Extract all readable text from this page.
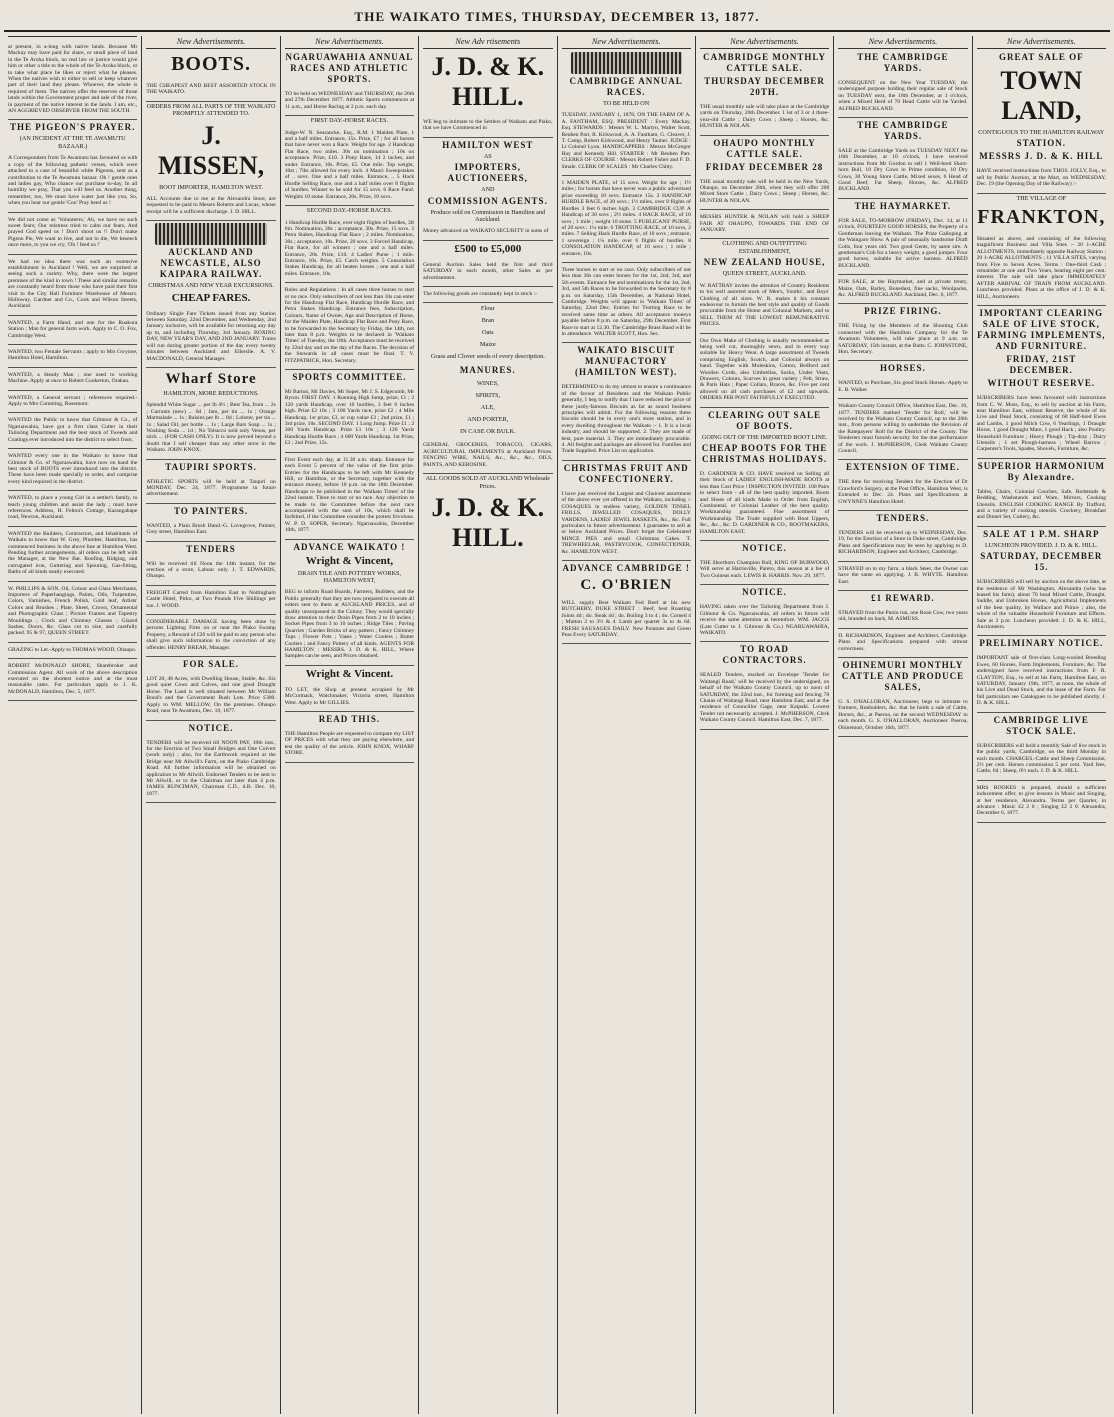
THE WAIKATO TIMES, THURSDAY, DECEMBER 13, 1877.

at present, in a-long with native lands. Because Mr Mackay may have paid for share, or small piece of land in the Te Aroha block, no real law or justice would give him or other a title to the whole of the Te Aroha block, or to take what place he likes or reject what he pleases. When the natives wish to either to sell or keep whatever part of their land they please. Whoever, the whole is required of them. The natives offer the reserves of those lands within the Government proper and sale of the river, in payment of the native interest in the lands. I am, etc., AN AGGRIEVED OBSERVER FROM THE SOUTH.

THE PIGEON'S PRAYER.
(AN INCIDENT AT THE TE AWAMUTU BAZAAR.)

A Correspondent from Te Awamutu has favoured us with a copy of the following pathetic verses, which were attached to a case of beautiful white Pigeons, sent as a contribution to the Te Awamutu bazaar. Oh ! gentle ones and ladies gay, Who chance our purchase to-day, In all humility we pray, That you will feed us. Another thing, remember, too, We must have water just like you, So, when you hear our gentle 'Coo' Pray heed us !

We did not come as 'Volunteers,' Ah, we have no such sweet fears; Our mistress tried to calm our fears, And prayed God speed us ! Don't shoot us !! Don't make Pigeon Pie, We want to live, and not to die, We beseech once more, to you we cry, 'Oh ! feed us !'

We had no idea there was such an extensive establishment in Auckland ! Well, we are surprised at seeing such a variety. Why, there were the largest premises of the kind in town ! These and similar remarks are constantly heard from those who have paid their first visit to the City Hall Furniture Warehouse of Messrs. Holloway, Gardner and Co., Cook and Wilson Streets, Auckland.

WANTED, a Farm Hand, and one for the Ruakura Station ; Man for general farm work. Apply to C. O. Fox, Cambridge West.

WANTED, two Female Servants ; apply to Mrs Gwynne, Hamilton Hotel, Hamilton.

WANTED, a Steady Man ; one used to working Machine. Apply at once to Robert Cookerton, Orakau.

WANTED, a General servant ; references required.-Apply to Mrs Cumming, Rosemont.

WANTED the Public to know that Gilmour & Co., of Ngaruawahia, have got a first class Cutter in their Tailoring Department and the best stock of Tweeds and Coatings ever introduced into the district to select from.

WANTED every one in the Waikato to know that Gilmour & Co. of Ngaruawahia, have now on hand the best stock of BOOTS ever introduced into the district. These have been made specially to order, and comprise every kind required in the district.

WANTED, to place a young Girl in a settler's family, to teach young children and assist the lady ; must have references. Address, H. Felton's Cottage, Karangahape road, Newton, Auckland.

WANTED the Builders, Contractors, and Inhabitants of Waikato to know that W. Grey, Plumber, Hamilton, has commenced business in the above line at Hamilton West. Pending further arrangements, all orders can be left with the Manager, at the New Bar. Roofing, Ridging, and corrugated iron, Guttering and Spouting, Gas-fitting, Baths of all kinds neatly executed.

W. PHILLIPS & SON, Oil, Colour and Glass Merchants, Importers of Paperhangings, Paints, Oils, Turpentine, Colors, Varnishes, French Polish, Gold leaf, Artists' Colors and Brushes ; Plate, Sheet, Crown, Ornamental and Photographic Glass ; Picture Frames and Tapestry Mouldings ; Clock and Chimney Glasses ; Glazed Sashes, Doors, &c. Glass cut to size, and carefully packed. 95 & 97, QUEEN STREET.

GRAZING to Let.-Apply to THOMAS WOOD, Ohaupo.

ROBERT McDONALD SHORE, Sharebroker and Commission Agent. All work of the above description executed on the shortest notice and at the most reasonable rates. For particulars apply to J. K. McDONALD, Hamilton, Dec. 5, 1877.

New Advertisements.
BOOTS.

THE CHEAPEST AND BEST ASSORTED STOCK IN THE WAIKATO.

ORDERS FROM ALL PARTS OF THE WAIKATO PROMPTLY ATTENDED TO.
J. MISSEN,
BOOT IMPORTER, HAMILTON WEST.

ALL Accounts due to me at the Alexandra Store, are requested to be paid to Messrs Roberts and Lucas, whose receipt will be a sufficient discharge. J. D. HILL.

AUCKLAND AND NEWCASTLE, ALSO KAIPARA RAILWAY.
CHRISTMAS AND NEW YEAR EXCURSIONS.
CHEAP FARES.

Ordinary Single Fare Tickets issued from any Station between Saturday, 22nd December, and Wednesday, 2nd January inclusive, will be available for returning any day up to, and including Thursday, 3rd January. BOXING DAY, NEW YEAR'S DAY, AND 2ND JANUARY. Trains will run during greater portion of the day every twenty minutes between Auckland and Ellerslie. A. V. MACDONALD, General Manager.

Wharf Store
HAMILTON, MORE REDUCTIONS.

Splendid White Sugar ... per lb 4½ ; Best Tea, from ... 2s ; Currants (new) ... 6d ; Jam, per tin ... 1s ; Orange Marmalade ... 1s ; Raisins per lb ... 8d ; Lobster, per tin ... 1s ; Salad Oil, per bottle ... 1s ; Large Bars Soap ... 1s ; Washing Soda ... 1d ; No Tobacco sold only Venus, per stick ... (FOR CASH ONLY). It is now proved beyond a doubt that I sell cheaper than any other store in the Waikato. JOHN KNOX.

TAUPIRI SPORTS.

ATHLETIC SPORTS will be held at Taupiri on MONDAY, Dec. 24, 1877. Programme in future advertisement.

TO PAINTERS.

WANTED, a Plain Brush Hand.-G. Lovegrove, Painter, Grey street, Hamilton East.

TENDERS

Will be received till Noon the 14th instant, for the erection of a store, Labour only. J. T. EDWARDS, Ohaupo.

FREIGHT Carted from Hamilton East to Nottingham Castle Hotel, Pirko, at Two Pounds Five Shillings per ton. J. WOOD.

CONSIDERABLE DAMAGE having been done by persons Lighting Fires on or near the Piako Swamp Property, a Reward of £20 will be paid to any person who shall give such information to the conviction of any offender. HENRY BREAR, Manager.

FOR SALE.

LOT 20, 48 Acres, with Dwelling House, Stable, &c. Six good quiet Cows and Calves, and one good Draught Horse. The Land is well situated between Mr William Bond's and the Government Bush Lots. Price £300. Apply to WM. MELLOW, On the premises. Ohaupo Road, near Te Awamutu, Dec. 10, 1877.

NOTICE.

TENDERS will be received till NOON PAY, 19th inst., for the Erection of Two Small Bridges and One Culvert (work only) ; also, for the Earthwork required at the Bridge near Mr Allwill's Farm, on the Piako Cambridge Road. All further information will be obtained on application to Mr Allwill. Endorsed Tenders to be sent to Mr Allwill, or to the Chairman not later than 4 p.m. JAMES RUNCIMAN, Chairman C.D., d.B. Dec. 10, 1877.

New Advertisements.
NGARUAWAHIA ANNUAL RACES AND ATHLETIC SPORTS.

TO be held on WEDNESDAY and THURSDAY, the 26th and 27th December 1877. Athletic Sports commences at 11 a.m., and Horse Racing at 2 p.m. each day.

FIRST DAY.-HORSE RACES.

Judge-W. N. Searancke, Esq., R.M. 1 Maiden Plate, 1 and a half miles. Entrance, 15s. Prize, £7 ; for all horses that have never won a Race. Weight for age. 2 Handicap Flat Race, two miles. 30s on nomination ; 10s on acceptance. Prize, £10. 3 Pony Race, 14 2 inches, and under. Entrance, 10s. Prize, £5. One mile. Top weight, 10st ; 7lbs allowed for every inch. 4 Maori Sweepstakes of .. sovs. One and a half miles. Entrance, .. 5 Hack Hurdle Selling Race, one and a half miles over 8 flights of hurdles. Winner to be sold for 15 sovs. 6 Race Fund. Weights 10 stone. Entrance, 20s. Prize, 10 sovs.

SECOND DAY.-HORSE RACES.

1 Handicap Hurdle Race, over eight flights of hurdles, 3ft 6in. Nomination, 30s ; acceptance, 30s. Prize, 15 sovs. 2 Petra Stakes, Handicap Flat Race ; 2 miles. Nomination, 30s ; acceptance, 10s. Prize, 20 sovs. 3 Forced Handicap, Flat Race, for all winners ; one and a half miles. Entrance, 20s. Prize, £10. 4 Ladies' Purse ; 1 mile. Entrance, 10s. Prize, £5. Catch weights. 5 Consolation Stakes Handicap, for all beaten horses ; one and a half miles. Entrance, 10s.

Rules and Regulations : In all cases three horses to start or no race. Only subscribers of not less than 10s can enter for the Handicap Flat Race, Handicap Hurdle Race, and Petra Stakes Handicap. Entrance fees, Subscription, Colours, Name of Owner, Age and Description of Horse, for the Maiden Plate, Handicap Flat Race and Pony Race, to be forwarded to the Secretary by Friday, the 14th, not later than 8 p.m. Weights to be declared in 'Waikato Times' of Tuesday, the 18th. Acceptance must be received by 22nd day and on the day of the Races. The decision of the Stewards in all cases must be final. T. V. FITZPATRICK, Hon. Secretary.

SPORTS COMMITTEE.

Mr Barton, Mr Davies, Mr Soper, Mr J. S. Edgecumb, Mr Byron. FIRST DAY. 1 Running High Jump, prize, £1 ; 2 120 yards Handicap, over 10 hurdles, 3 feet 6 inches high. Prize £2 10s ; 3 100 Yards race, prize £2 ; 4 Mile Handicap, 1st prize, £3, or cup value £3 ; 2nd prize, £1 ; 3rd prize, 10s. SECOND DAY. 1 Long Jump. Prize £1 ; 2 300 Yards Handicap. Prize £1 10s ; 3 120 Yards Handicap Hurdle Race ; 4 600 Yards Handicap. 1st Prize, £3 ; 2nd Prize, 15s.

First Event each day, at 11.30 a.m. sharp. Entrance for each Event 5 percent of the value of the first prize. Entries for the Handicaps to be left with Mr Kennedy Hill, or Hamilton, or the Secretary, together with the entrance money, before 10 p.m. on the 18th December. Handicaps to be published in the 'Waikato Times' of the 22nd instant. Three to start or no race. Any objection to be made to the Committee before the next race accompanied with the sum of 10s, which shall be forfeited, if the Committee consider the protest frivolous. W. P. D. SOPER, Secretary. Ngaruawahia, December 10th, 1877.

ADVANCE WAIKATO !
Wright & Vincent,
DRAIN TILE AND POTTERY WORKS, HAMILTON WEST,

BEG to inform Road Boards, Farmers, Builders, and the Public generally that they are now prepared to execute all orders sent to them at AUCKLAND PRICES, and of quality unsurpassed in the Colony. They would specially draw attention to their Drain Pipes from 2 to 10 inches ; Socket Pipes from 3 to 10 inches ; Ridge Tiles ; Paving Quarries ; Garden Bricks of any pattern ; Fancy Chimney Tops ; Flower Pots ; Vases ; Water Coolers ; Butter Coolers ; and Fancy Pottery of all kinds. AGENTS FOR HAMILTON : MESSRS. J. D. & K. HILL, Where Samples can be seen, and Prices obtained.

Wright & Vincent.

TO LET, the Shop at present occupied by Mr McCormack, Watchmaker, Victoria street, Hamilton West. Apply to Mr GILLIES.

READ THIS.

THE Hamilton People are requested to compare my LIST OF PRICES with what they are paying elsewhere, and test the quality of the article. JOHN KNOX, WHARF STORE.

New Adv rtisements
J. D. & K. HILL.

WE beg to intimate to the Settlers of Waikato and Piako, that we have Commenced in

HAMILTON WEST
AS
IMPORTERS, AUCTIONEERS,
AND
COMMISSION AGENTS.
Produce sold on Commission in Hamilton and Auckland.

Money advanced on WAIKATO SECURITY in sums of

£500 to £5,000

General Auction Sales held the first and third SATURDAY in each month, other Sales as per advertisement.

The following goods are constantly kept in stock :-

Flour

Bran

Oats

Maize

Grass and Clover seeds of every description.

MANURES.

WINES,

SPIRITS,

ALE,

AND PORTER,

IN CASE OR BULK.

GENERAL GROCERIES, TOBACCO, CIGARS, AGRICULTURAL IMPLEMENTS at Auckland Prices. FENCING WIRE, NAILS, &c., &c., &c., OILS, PAINTS, AND KEROSINE.

ALL GOODS SOLD AT AUCKLAND Wholesale Prices.
J. D. & K. HILL.
New Advertisements.
CAMBRIDGE ANNUAL RACES.
TO BE HELD ON

TUESDAY, JANUARY 1, 1878, ON THE FARM OF A. A. FANTHAM, ESQ. PRESIDENT : Every Mackay, Esq. STEWARDS : Messrs W. L. Martyn, Walter Scott, Reuben Parr, R. Kirkwood, A. A. Fantham, G. Cleaver, J. T. Camp, Robert Kirkwood, and Henry Tauber. JUDGE : Lt Colonel Lyon. HANDICAPPERS : Messrs McGregor Hay and Kennedy Hill. STARTER : Mr Reuben Parr. CLERKS OF COURSE : Messrs Robert Fisher and F. D. Smale. CLERK OF SCALES : Mr Charles Chitty.

1 MAIDEN PLATE, of 15 sovs. Weight for age ; 1½ miles ; for horses that have never won a public advertised prize exceeding 10 sovs. Entrance 15s. 2 HANDICAP HURDLE RACE, of 20 sovs ; 1½ miles, over 8 flights of Hurdles 3 feet 6 inches high. 3 CAMBRIDGE CUP. A Handicap of 30 sovs ; 2½ miles. 4 HACK RACE, of 10 sovs ; 1 mile ; weight 10 stone. 5 PUBLICANS' PURSE, of 20 sovs ; 1¼ mile. 6 TROTTING RACE, of 10 sovs, 2 miles. 7 Selling Hack Hurdle Race, of 10 sovs ; entrance, 1 sovereign ; 1¼ mile, over 6 flights of hurdles. 8 CONSOLATION HANDICAP, of 10 sovs ; 1 mile ; entrance, 10s.

Three horses to start or no race. Only subscribers of not less than 30s can enter horses for the 1st, 2nd, 3rd, and 5th events. Entrance fee and nominations for the 1st, 2nd, 3rd, and 5th Races to be forwarded to the Secretary by 8 p.m. on Saturday, 15th December, at National Hotel, Cambridge. Weights will appear in 'Waikato Times' of Saturday, 22nd Dec. Entries for Trotting Race to be received same time as others. All acceptance moneys payable before 8 p.m. on Saturday, 29th December. First Race to start at 12.30. The Cambridge Brass Band will be in attendance. WALTER SCOTT, Hon. Sec.

WAIKATO BISCUIT MANUFACTORY (HAMILTON WEST).

DETERMINED to do my utmost to ensure a continuance of the favour of Residents and the Waikato Public generally, I beg to notify that I have reduced the price of these justly-famous Biscuits as far as sound business principles will admit. For the following reasons these biscuits should be in every one's store station, and in every dwelling throughout the Waikato :- 1. It is a local industry, and should be supported. 2. They are made of best, pure material. 3. They are immediately procurable. 4. All freights and packages are allowed for. Families and Trade Supplied. Price List on application.

CHRISTMAS FRUIT AND CONFECTIONERY.

I have just received the Largest and Choicest assortment of the above ever yet offered in the Waikato, including :- COSAQUES in endless variety, GOLDEN TINSEL FRILLS, JEWELLED COSAQUES, DOLLY VARDENS, LADIES' JEWEL BASKETS, &c., &c. Full particulars in future advertisement. I guarantee to sell at or below Auckland Prices. Don't forget the Celebrated MINCE PIES and small Christmas Cakes. T. TREWHEELAR, PASTRYCOOK, CONFECTIONER, &c. HAMILTON WEST.

ADVANCE CAMBRIDGE !
C. O'BRIEN

WILL supply Best Waikato Fed Beef at his new BUTCHERY, DUKE STREET : Beef, best Roasting Joints 4d ; do. Steak 4d ; do. Boiling 3 to 4 ; do. Corned 4 ; Mutton 2 to 3½ & 4. Lamb per quarter 3s to 4s 6d. FRESH SAUSAGES DAILY. New Potatoes and Green Peas Every SATURDAY.

New Advertisements.
CAMBRIDGE MONTHLY CATTLE SALE.
THURSDAY DECEMBER 20TH.

THE usual monthly sale will take place at the Cambridge yards on Thursday, 20th December. 1 lot of 3 or 4 three-year-old Cattle ; Dairy Cows ; Sheep ; Horses, &c. HUNTER & NOLAN.

OHAUPO MONTHLY CATTLE SALE.
FRIDAY DECEMBER 28

THE usual monthly sale will be held in the New Yards, Ohaupo, on December 28th, when they will offer 200 Mixed Store Cattle ; Dairy Cows ; Sheep ; Horses, &c. HUNTER & NOLAN.

MESSRS HUNTER & NOLAN will hold a SHEEP FAIR AT OHAUPO, TOWARDS THE END OF JANUARY.

CLOTHING AND OUTFITTING ESTABLISHMENT,
NEW ZEALAND HOUSE,
QUEEN STREET, AUCKLAND.

W. RATTRAY invites the attention of Country Residents to his well assorted stock of Men's, Youths', and Boys' Clothing of all sizes. W. R. makes it his constant endeavour to furnish the best style and quality of Goods procurable from the Home and Colonial Markets, and to SELL THEM AT THE LOWEST REMUNERATIVE PRICES.

Our Own Make of Clothing is usually recommended as being well cut, thoroughly sewn, and in every way suitable for Heavy Wear. A large assortment of Tweeds comprising English, Scotch, and Colonial always on hand. Together with Moleskins, Cotton, Bedford and Woollen Cords, also Umbrellas, Socks, Under Vests, Drawers, Colours, Scarves in great variety ; Felt, Straw, & Paris Hats ; Paper Collars, Braces, &c. Five per cent allowed on all cash purchases of £2 and upwards. ORDERS PER POST FAITHFULLY EXECUTED.

CLEARING OUT SALE OF BOOTS.
GOING OUT OF THE IMPORTED BOOT LINE.
CHEAP BOOTS FOR THE CHRISTMAS HOLIDAYS.

D. GARDINER & CO. HAVE resolved on Selling all their Stock of LADIES' ENGLISH-MADE BOOTS at less than Cost Price ! INSPECTION INVITED. 100 Pairs to select from - all of the best quality imported. Boots and Shoes of all kinds Made to Order from English, Continental, or Colonial Leather of the best quality. Workmanship guaranteed. Fine assortment of Workmanship. The Trade supplied with Boot Uppers, &c., &c., &c. D. GARDINER & CO., BOOTMAKERS, HAMILTON EAST.

NOTICE.

THE Shorthorn Champion Bull, KING OF BURWOOD, Will serve at Harrisville, Pareto, this season at a fee of Two Guineas each. LEWIS B. HARRIS. Nov. 29, 1877.

NOTICE.

HAVING taken over the Tailoring Department from J. Gilmour & Co. Ngaruawahia, all orders in future will receive the same attention as heretofore. WM. JAGGS (Late Cutter to J. Gilmour & Co.) NGARUAWAHIA, WAIKATO.

TO ROAD CONTRACTORS.

SEALED Tenders, marked on Envelope 'Tender for Waitangi Road,' will be received by the undersigned, on behalf of the Waikato County Council, up to noon of SATURDAY, the 22nd inst., for forming and fencing 70 Chains of Waitangi Road, near Hamilton East, and at the residence of Councillor Gage, near Kaipaki. Lowest Tender not necessarily accepted. J. McPHERSON, Clerk Waikato County Council. Hamilton East, Dec. 7, 1877.

New Advertisements.
THE CAMBRIDGE YARDS.

CONSEQUENT on the New Year TUESDAY, the undersigned purpose holding their regular sale of Stock on TUESDAY next, the 18th December, at 1 o'clock, when a Mixed Herd of 70 Head Cattle will be Yarded. ALFRED BUCKLAND.

THE CAMBRIDGE YARDS.

SALE at the Cambridge Yards on TUESDAY NEXT the 18th December, at 10 o'clock, I have received instructions from Mr Gordon to sell 1 Well-bred Short-horn Bull, 10 Dry Cows in Prime condition, 10 Dry Cows, 30 Young Store Cattle, Mixed sexes, 6 Head of Good Beef, Fat Sheep, Horses, &c. ALFRED BUCKLAND.

THE HAYMARKET.

FOR SALE, TO-MORROW (FRIDAY), Dec. 14, at 11 o'clock, FOURTEEN GOOD HORSES, the Property of a Gentleman leaving the Waikato. The Prize Galloping at the Waingaro Show. A pair of unusually handsome Draft Colts, four years old. Two good Gents, by same sire. A gentleman's Cob for a heavy weight, a good jumper. Four good horses, suitable for active harness. ALFRED BUCKLAND.

FOR SALE, at the Haymarket, and at private treaty, Maize, Oats, Barley, Bonedust, fine sacks, Woolpacks, &c. ALFRED BUCKLAND. Auckland, Dec. 6, 1877.

PRIZE FIRING.

THE Firing by the Members of the Shooting Club connected with the Hamilton Company for the Te Awamutu Volunteers, will take place at 9 a.m. on SATURDAY, 15th instant, at the Butts. C. JOHNSTONE, Hon. Secretary.

HORSES.

WANTED, to Purchase, Six good Stock Horses.-Apply to E. B. Walker.

Waikato County Council Office, Hamilton East, Dec. 10, 1877. TENDERS marked 'Tender for Roll,' will be received by the Waikato County Council, up to the 20th inst., from persons willing to undertake the Revision of the Ratepayers' Roll for the District of the County. The Tenderers must furnish security for the due performance of the work. J. McPHERSON, Clerk Waikato County Council.

EXTENSION OF TIME.

THE time for receiving Tenders for the Erection of Dr Crawford's Surgery, at the Post Office, Hamilton West, is Extended to Dec. 24. Plans and Specifications at GWYNNE'S Hamilton Hotel.

TENDERS.

TENDERS will be received up to WEDNESDAY, Dec. 19, for the Erection of a Store in Duke street, Cambridge. Plans and Specifications may be seen by applying to D. RICHARDSON, Engineer and Architect, Cambridge.

STRAYED on to my farm, a black Steer, the Owner can have the same on applying. J. B. WHYTE. Hamilton East.

£1 REWARD.

STRAYED from the Puniu run, one Roan Cow, two years old, branded on back, M. ASMUSS.

D. RICHARDSON, Engineer and Architect, Cambridge. Plans and Specifications prepared with utmost correctness.

OHINEMURI MONTHLY CATTLE AND PRODUCE SALES,

G. S. O'HALLORAN, Auctioneer, begs to intimate to Farmers, Runholders, &c. that he holds a sale of Cattle, Horses, &c., at Paeroa, on the second WEDNESDAY in each month. G. S. O'HALLORAN, Auctioneer. Paeroa, Ohinemuri, October 16th, 1877.

New Advertisements.
GREAT SALE OF
TOWN LAND,
CONTIGUOUS TO THE HAMILTON RAILWAY
STATION.
MESSRS J. D. & K. HILL

HAVE received instructions from THOS. JOLLY, Esq., to sell by Public Auction, at the Mart, on WEDNESDAY, Dec. 19 (the Opening Day of the Railway) :-

THE VILLAGE OF
FRANKTON,

Situated as above, and consisting of the following magnificent Business and Villa Sites :- 20 1-ACRE ALLOTMENTS, immediately opposite Railway Station ; 20 1-ACRE ALLOTMENTS ; 11 VILLA SITES, varying from Five to Seven Acres. Terms : One-third Cash ; remainder at one and Two Years, bearing eight per cent. interest. The sale will take place IMMEDIATELY AFTER ARRIVAL OF TRAIN FROM AUCKLAND. Luncheon provided. Plans at the office of J. D. & K. HILL, Auctioneers.

IMPORTANT CLEARING SALE OF LIVE STOCK, FARMING IMPLEMENTS, AND FURNITURE.
FRIDAY, 21ST DECEMBER.
WITHOUT RESERVE.

SUBSCRIBERS have been favoured with instructions from C. W. Moss, Esq., to sell by auction at his Farm, near Hamilton East, without Reserve, the whole of his Live and Dead Stock, consisting of 60 Half-bred Ewes and Lambs, 1 good Milch Cow, 6 Yearlings, 1 Draught Horse, 1 good Draught Mare, 1 good Hack ; also Poultry. Household Furniture ; Heavy Plough ; Tip-dray ; Dairy Utensils ; 1 set Plough-harness ; Wheel Barrow ; Carpenter's Tools, Spades, Shovels, Furniture, &c.

SUPERIOR HARMONIUM By Alexandre.

Tables, Chairs, Colonial Couches, Safe, Bedsteads & Bedding, Washstands and Ware, Mirrors, Cooking Utensils. ENGLISH COOKING RANGE By Trafford, and a variety of cooking utensils. Crockery, Breakfast and Dinner Set, Cutlery, &c.

SALE AT 1 P.M. SHARP
LUNCHEON PROVIDED. J. D. & K. HILL.
SATURDAY, DECEMBER 15.

SUBSCRIBERS will sell by auction on the above date, at the residence of Mr Washington, Alexandra (who has leased his farm), about 70 head Mixed Cattle, Draught, Saddle, and Unbroken Horses, Agricultural Implements of the best quality, by Wallace and Prince ; also, the whole of the valuable Household Furniture and Effects. Sale at 2 p.m. Luncheon provided. J. D. & K. HILL, Auctioneers.

PRELIMINARY NOTICE.

IMPORTANT sale of first-class Long-wooled Breeding Ewes, 60 Horses, Farm Implements, Furniture, &c. The undersigned have received instructions from F. R. CLAYTON, Esq., to sell at his Farm, Hamilton East, on SATURDAY, January 19th, 1877, at noon, the whole of his Live and Dead Stock, and the lease of the Farm. For full particulars see Catalogues to be published shortly. J. D. & K. HILL.

CAMBRIDGE LIVE STOCK SALE.

SUBSCRIBERS will hold a monthly Sale of live stock in the public yards, Cambridge, on the third Monday in each month. CHARGES.-Cattle and Sheep Commission, 2½ per cent. Horses commission 5 per cent. Yard fees, Cattle, 6d ; Sheep, 0½ each. J. D. & K. HILL.

MRS ROOKES is prepared, should a sufficient inducement offer, to give lessons in Music and Singing, at her residence, Alexandra. Terms per Quarter, in advance : Music £2 2 0 ; Singing £2 2 0. Alexandra, December 6, 1877.
